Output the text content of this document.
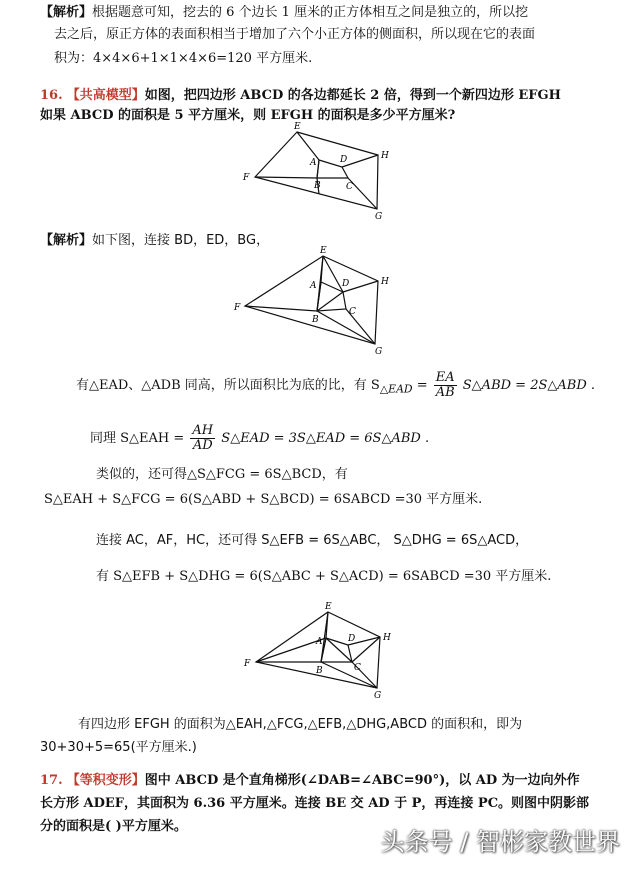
【解析】根据题意可知，挖去的 6 个边长 1 厘米的正方体相互之间是独立的，所以挖
去之后，原正方体的表面积相当于增加了六个小正方体的侧面积，所以现在它的表面
积为：4×4×6+1×1×4×6=120 平方厘米.
16. 【共高模型】如图，把四边形 ABCD 的各边都延长 2 倍，得到一个新四边形 EFGH
如果 ABCD 的面积是 5 平方厘米，则 EFGH 的面积是多少平方厘米?
E
A	D	H
F
B	C
G
【解析】如下图，连接 BD，ED，BG，
E
A	D	H
F
B
C
G
有△EAD、△ADB 同高，所以面积比为底的比，有 $S_{\triangle EAD} = \frac{EA}{AB}$ S△ABD = 2S△ABD .
同理 S△EAH = $\frac{AH}{AD}$ S△EAD = 3S△EAD = 6S△ABD .
类似的，还可得△S△FCG = 6S△BCD，有
S△EAH + S△FCG = 6(S△ABD + S△BCD) = 6SABCD =30 平方厘米.
连接 AC，AF，HC，还可得 S△EFB = 6S△ABC， S△DHG = 6S△ACD，
有 S△EFB + S△DHG = 6(S△ABC + S△ACD) = 6SABCD =30 平方厘米.
E
A	D	H
F
B	C
G
有四边形 EFGH 的面积为△EAH,△FCG,△EFB,△DHG,ABCD 的面积和，即为
30+30+5=65(平方厘米.)
17. 【等积变形】图中 ABCD 是个直角梯形(∠DAB=∠ABC=90°)，以 AD 为一边向外作
长方形 ADEF，其面积为 6.36 平方厘米。连接 BE 交 AD 于 P，再连接 PC。则图中阴影部
分的面积是( )平方厘米。
头条号 / 智彬家教世界
